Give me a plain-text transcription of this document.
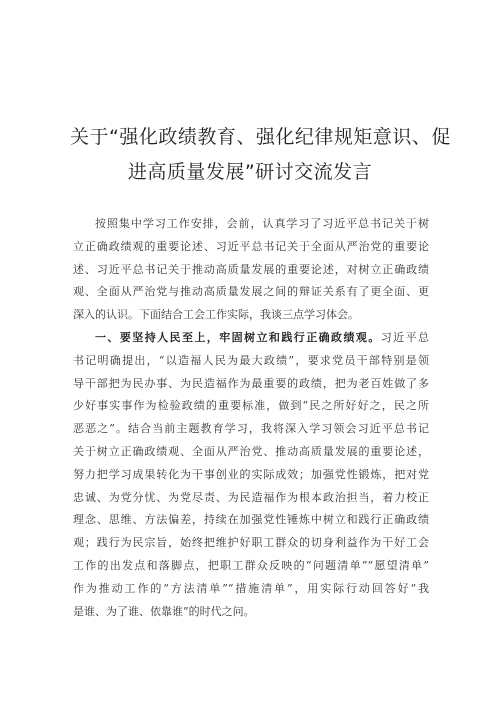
关于“强化政绩教育、强化纪律规矩意识、促
进高质量发展”研讨交流发言
按照集中学习工作安排，会前，认真学习了习近平总书记关于树
立正确政绩观的重要论述、习近平总书记关于全面从严治党的重要论
述、习近平总书记关于推动高质量发展的重要论述，对树立正确政绩
观、全面从严治党与推动高质量发展之间的辩证关系有了更全面、更
深入的认识。下面结合工会工作实际，我谈三点学习体会。
一、要坚持人民至上，牢固树立和践行正确政绩观。习近平总
书记明确提出，“以造福人民为最大政绩”，要求党员干部特别是领
导干部把为民办事、为民造福作为最重要的政绩，把为老百姓做了多
少好事实事作为检验政绩的重要标准，做到“民之所好好之，民之所
恶恶之”。结合当前主题教育学习，我将深入学习领会习近平总书记
关于树立正确政绩观、全面从严治党、推动高质量发展的重要论述，
努力把学习成果转化为干事创业的实际成效；加强党性锻炼，把对党
忠诚、为党分忧、为党尽责、为民造福作为根本政治担当，着力校正
理念、思维、方法偏差，持续在加强党性锤炼中树立和践行正确政绩
观；践行为民宗旨，始终把维护好职工群众的切身利益作为干好工会
工作的出发点和落脚点，把职工群众反映的“问题清单”“愿望清单”
作为推动工作的“方法清单”“措施清单”，用实际行动回答好“我
是谁、为了谁、依靠谁”的时代之问。
